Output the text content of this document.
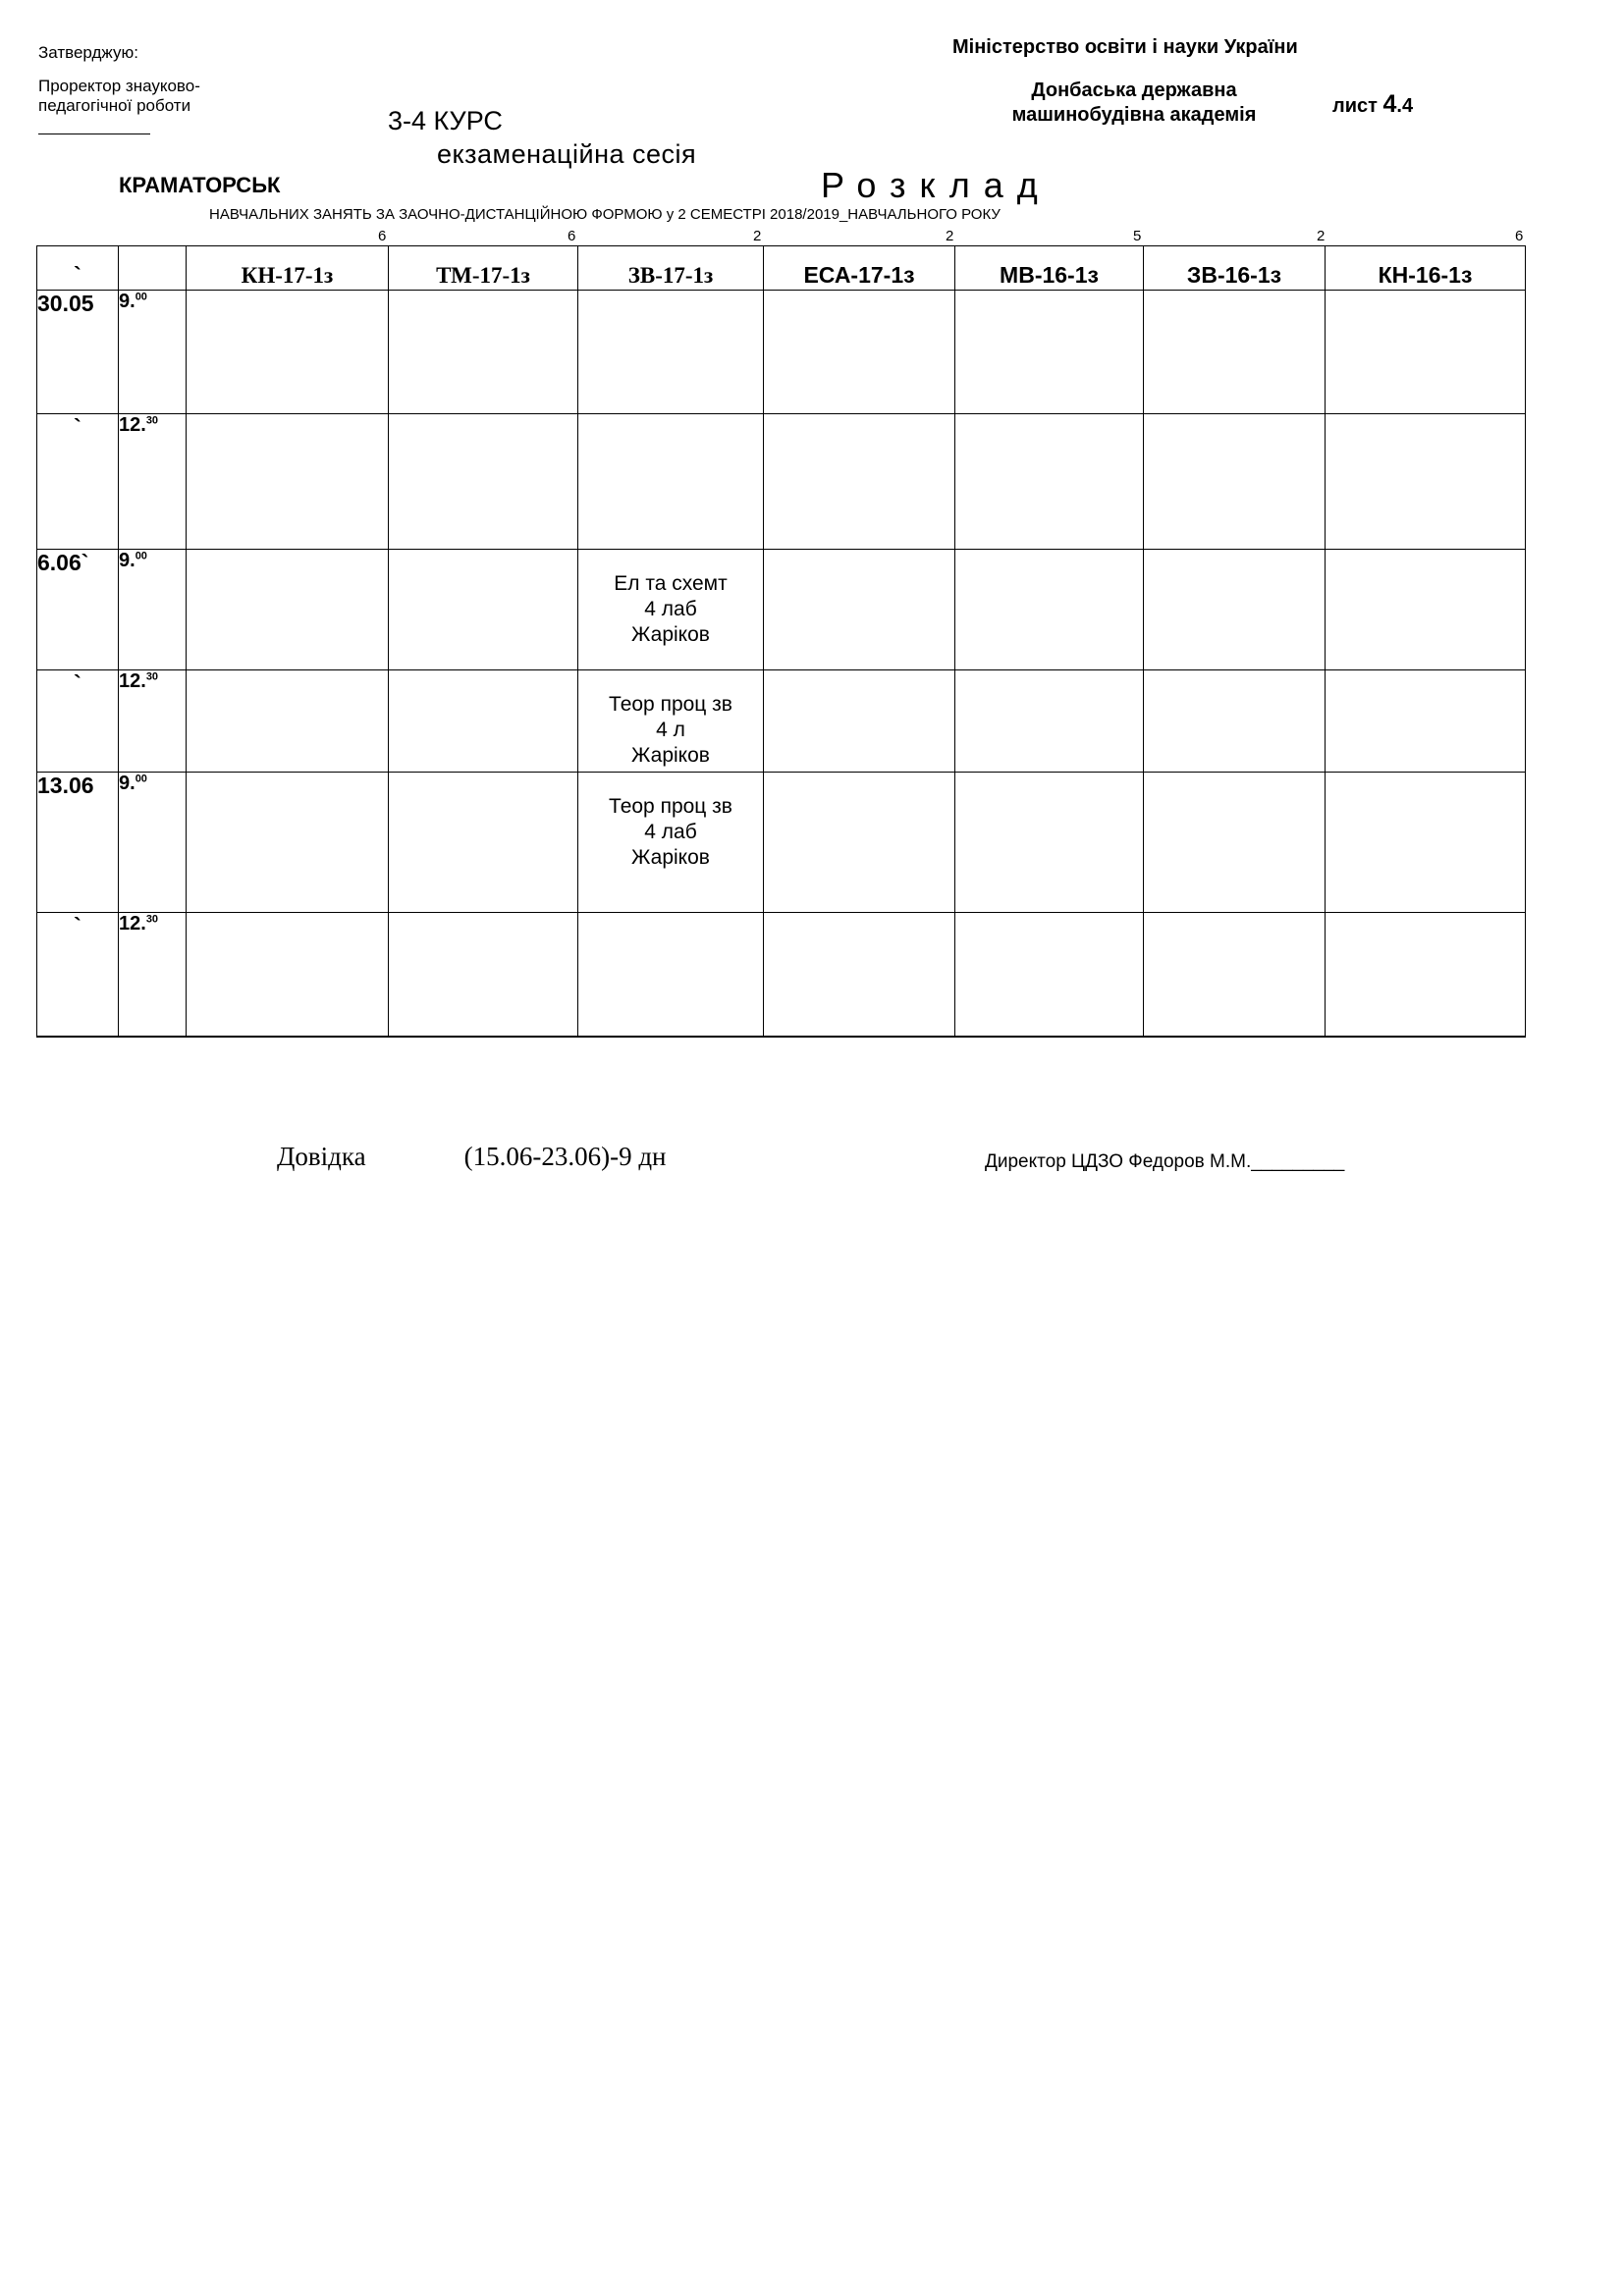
Затверджую:
Проректор знауково-педагогічної роботи
Міністерство освіти і науки України
Донбаська державна машинобудівна академія	лист 4.4
3-4 КУРС
екзаменаційна сесія
КРАМАТОРСЬК	Розклад
НАВЧАЛЬНИХ ЗАНЯТЬ ЗА ЗАОЧНО-ДИСТАНЦІЙНОЮ ФОРМОЮ у 2 СЕМЕСТРІ 2018/2019_НАВЧАЛЬНОГО РОКУ
6	6	2	2	5	2	6
`		КН-17-1з	ТМ-17-1з	ЗВ-17-1з	ЕСА-17-1з	МВ-16-1з	ЗВ-16-1з	КН-16-1з
30.05	9.00	

`	12.30	

6.06`	9.00			Ел та схемт
4 лаб
Жаріков				

`	12.30			Теор проц зв
4 л
Жаріков				

13.06	9.00			Теор проц зв
4 лаб
Жаріков				

`	12.30	

Довідка	(15.06-23.06)-9 дн	Директор ЦДЗО Федоров М.М._________
